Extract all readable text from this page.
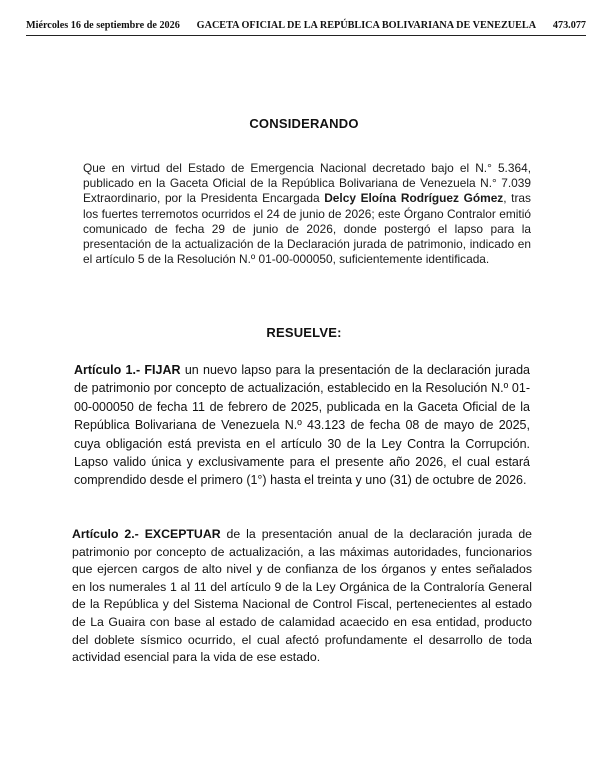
Miércoles 16 de septiembre de 2026 GACETA OFICIAL DE LA REPÚBLICA BOLIVARIANA DE VENEZUELA 473.077
CONSIDERANDO
Que en virtud del Estado de Emergencia Nacional decretado bajo el N.° 5.364, publicado en la Gaceta Oficial de la República Bolivariana de Venezuela N.° 7.039 Extraordinario, por la Presidenta Encargada Delcy Eloína Rodríguez Gómez, tras los fuertes terremotos ocurridos el 24 de junio de 2026; este Órgano Contralor emitió comunicado de fecha 29 de junio de 2026, donde postergó el lapso para la presentación de la actualización de la Declaración jurada de patrimonio, indicado en el artículo 5 de la Resolución N.º 01-00-000050, suficientemente identificada.
RESUELVE:
Artículo 1.- FIJAR un nuevo lapso para la presentación de la declaración jurada de patrimonio por concepto de actualización, establecido en la Resolución N.º 01-00-000050 de fecha 11 de febrero de 2025, publicada en la Gaceta Oficial de la República Bolivariana de Venezuela N.º 43.123 de fecha 08 de mayo de 2025, cuya obligación está prevista en el artículo 30 de la Ley Contra la Corrupción. Lapso valido única y exclusivamente para el presente año 2026, el cual estará comprendido desde el primero (1°) hasta el treinta y uno (31) de octubre de 2026.
Artículo 2.- EXCEPTUAR de la presentación anual de la declaración jurada de patrimonio por concepto de actualización, a las máximas autoridades, funcionarios que ejercen cargos de alto nivel y de confianza de los órganos y entes señalados en los numerales 1 al 11 del artículo 9 de la Ley Orgánica de la Contraloría General de la República y del Sistema Nacional de Control Fiscal, pertenecientes al estado de La Guaira con base al estado de calamidad acaecido en esa entidad, producto del doblete sísmico ocurrido, el cual afectó profundamente el desarrollo de toda actividad esencial para la vida de ese estado.
